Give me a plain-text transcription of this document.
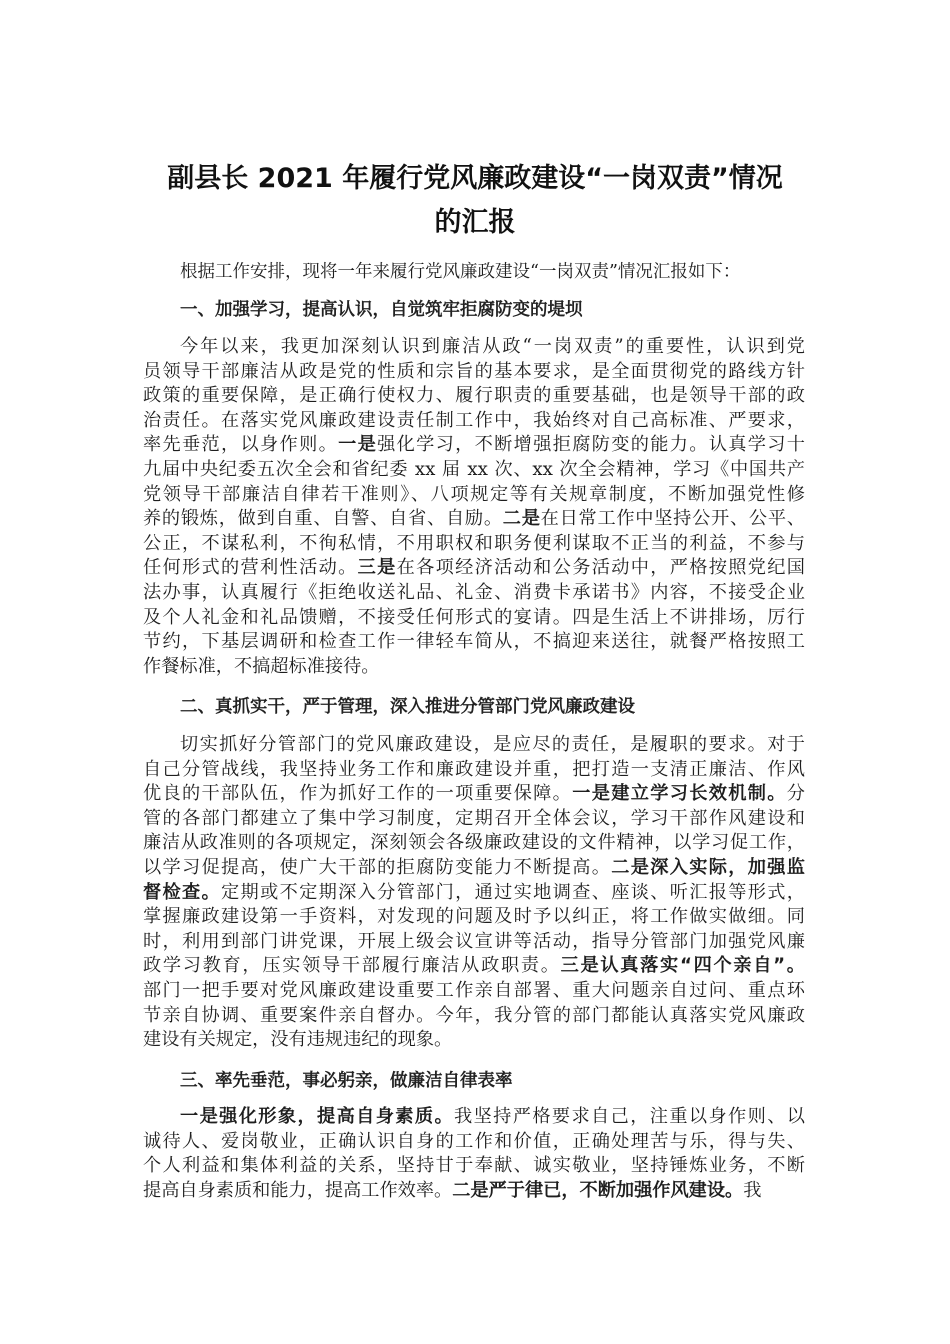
副县长 2021 年履行党风廉政建设“一岗双责”情况
的汇报
根据工作安排，现将一年来履行党风廉政建设“一岗双责”情况汇报如下：
一、加强学习，提高认识，自觉筑牢拒腐防变的堤坝
今年以来，我更加深刻认识到廉洁从政“一岗双责”的重要性，认识到党
员领导干部廉洁从政是党的性质和宗旨的基本要求，是全面贯彻党的路线方针
政策的重要保障，是正确行使权力、履行职责的重要基础，也是领导干部的政
治责任。在落实党风廉政建设责任制工作中，我始终对自己高标准、严要求，
率先垂范，以身作则。一是强化学习，不断增强拒腐防变的能力。认真学习十
九届中央纪委五次全会和省纪委 xx 届 xx 次、xx 次全会精神，学习《中国共产
党领导干部廉洁自律若干准则》、八项规定等有关规章制度，不断加强党性修
养的锻炼，做到自重、自警、自省、自励。二是在日常工作中坚持公开、公平、
公正，不谋私利，不徇私情，不用职权和职务便利谋取不正当的利益，不参与
任何形式的营利性活动。三是在各项经济活动和公务活动中，严格按照党纪国
法办事，认真履行《拒绝收送礼品、礼金、消费卡承诺书》内容，不接受企业
及个人礼金和礼品馈赠，不接受任何形式的宴请。四是生活上不讲排场，厉行
节约，下基层调研和检查工作一律轻车简从，不搞迎来送往，就餐严格按照工
作餐标准，不搞超标准接待。
二、真抓实干，严于管理，深入推进分管部门党风廉政建设
切实抓好分管部门的党风廉政建设，是应尽的责任，是履职的要求。对于
自己分管战线，我坚持业务工作和廉政建设并重，把打造一支清正廉洁、作风
优良的干部队伍，作为抓好工作的一项重要保障。一是建立学习长效机制。分
管的各部门都建立了集中学习制度，定期召开全体会议，学习干部作风建设和
廉洁从政准则的各项规定，深刻领会各级廉政建设的文件精神，以学习促工作，
以学习促提高，使广大干部的拒腐防变能力不断提高。二是深入实际，加强监
督检查。定期或不定期深入分管部门，通过实地调查、座谈、听汇报等形式，
掌握廉政建设第一手资料，对发现的问题及时予以纠正，将工作做实做细。同
时，利用到部门讲党课，开展上级会议宣讲等活动，指导分管部门加强党风廉
政学习教育，压实领导干部履行廉洁从政职责。三是认真落实“四个亲自”。
部门一把手要对党风廉政建设重要工作亲自部署、重大问题亲自过问、重点环
节亲自协调、重要案件亲自督办。今年，我分管的部门都能认真落实党风廉政
建设有关规定，没有违规违纪的现象。
三、率先垂范，事必躬亲，做廉洁自律表率
一是强化形象，提高自身素质。我坚持严格要求自己，注重以身作则、以
诚待人、爱岗敬业，正确认识自身的工作和价值，正确处理苦与乐，得与失、
个人利益和集体利益的关系，坚持甘于奉献、诚实敬业，坚持锤炼业务，不断
提高自身素质和能力，提高工作效率。二是严于律已，不断加强作风建设。我
